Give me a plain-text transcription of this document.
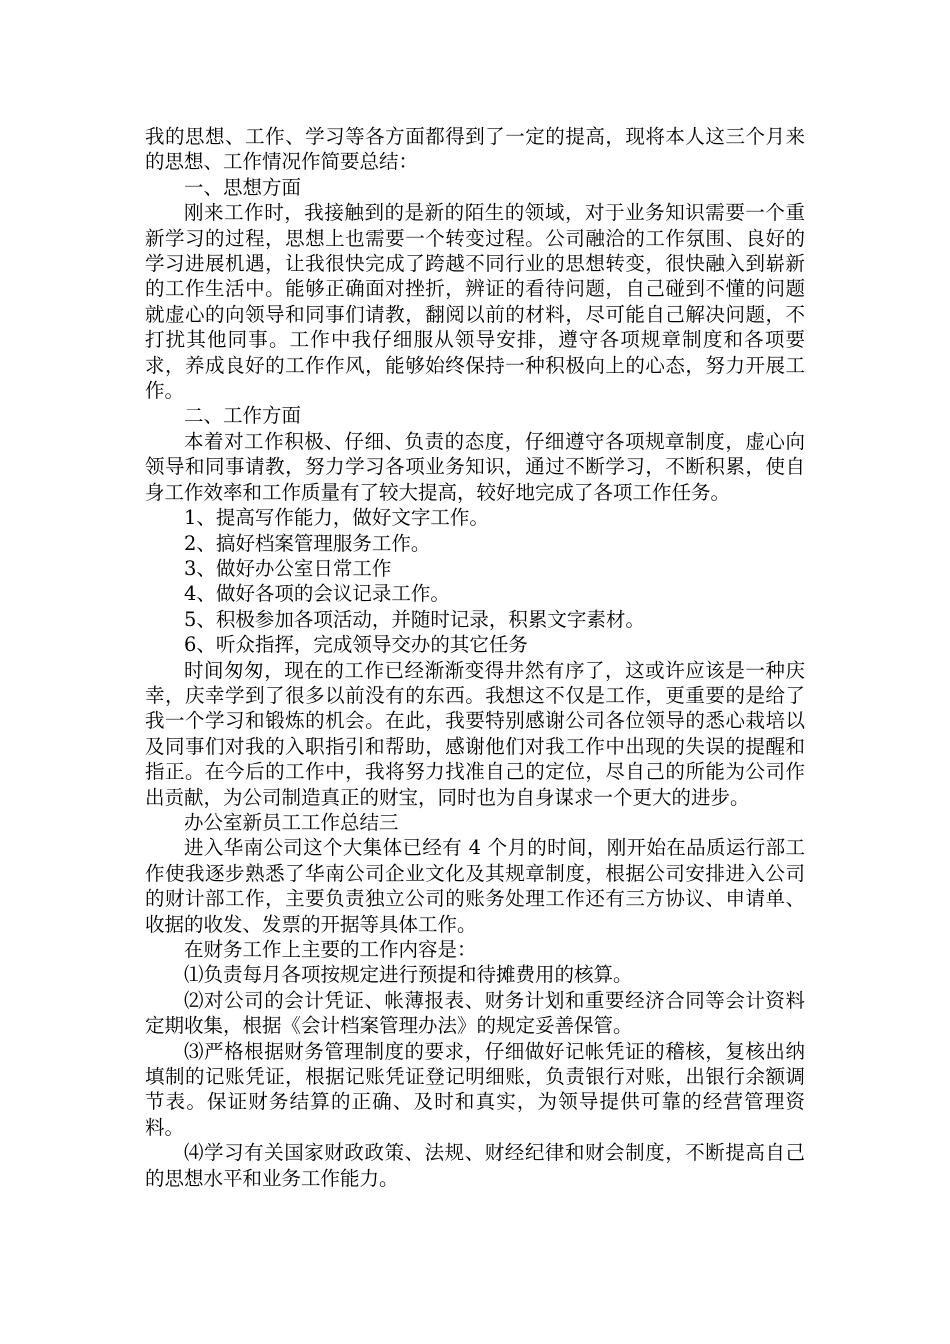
我的思想、工作、学习等各方面都得到了一定的提高，现将本人这三个月来的思想、工作情况作简要总结：

一、思想方面

刚来工作时，我接触到的是新的陌生的领域，对于业务知识需要一个重新学习的过程，思想上也需要一个转变过程。公司融洽的工作氛围、良好的学习进展机遇，让我很快完成了跨越不同行业的思想转变，很快融入到崭新的工作生活中。能够正确面对挫折，辨证的看待问题，自己碰到不懂的问题就虚心的向领导和同事们请教，翻阅以前的材料，尽可能自己解决问题，不打扰其他同事。工作中我仔细服从领导安排，遵守各项规章制度和各项要求，养成良好的工作作风，能够始终保持一种积极向上的心态，努力开展工作。

二、工作方面

本着对工作积极、仔细、负责的态度，仔细遵守各项规章制度，虚心向领导和同事请教，努力学习各项业务知识，通过不断学习，不断积累，使自身工作效率和工作质量有了较大提高，较好地完成了各项工作任务。

1、提高写作能力，做好文字工作。

2、搞好档案管理服务工作。

3、做好办公室日常工作

4、做好各项的会议记录工作。

5、积极参加各项活动，并随时记录，积累文字素材。

6、听众指挥，完成领导交办的其它任务

时间匆匆，现在的工作已经渐渐变得井然有序了，这或许应该是一种庆幸，庆幸学到了很多以前没有的东西。我想这不仅是工作，更重要的是给了我一个学习和锻炼的机会。在此，我要特别感谢公司各位领导的悉心栽培以及同事们对我的入职指引和帮助，感谢他们对我工作中出现的失误的提醒和指正。在今后的工作中，我将努力找准自己的定位，尽自己的所能为公司作出贡献，为公司制造真正的财宝，同时也为自身谋求一个更大的进步。

办公室新员工工作总结三

进入华南公司这个大集体已经有 4 个月的时间，刚开始在品质运行部工作使我逐步熟悉了华南公司企业文化及其规章制度，根据公司安排进入公司的财计部工作，主要负责独立公司的账务处理工作还有三方协议、申请单、收据的收发、发票的开据等具体工作。

在财务工作上主要的工作内容是：

⑴负责每月各项按规定进行预提和待摊费用的核算。

⑵对公司的会计凭证、帐薄报表、财务计划和重要经济合同等会计资料定期收集，根据《会计档案管理办法》的规定妥善保管。

⑶严格根据财务管理制度的要求，仔细做好记帐凭证的稽核，复核出纳填制的记账凭证，根据记账凭证登记明细账，负责银行对账，出银行余额调节表。保证财务结算的正确、及时和真实，为领导提供可靠的经营管理资料。

⑷学习有关国家财政政策、法规、财经纪律和财会制度，不断提高自己的思想水平和业务工作能力。
